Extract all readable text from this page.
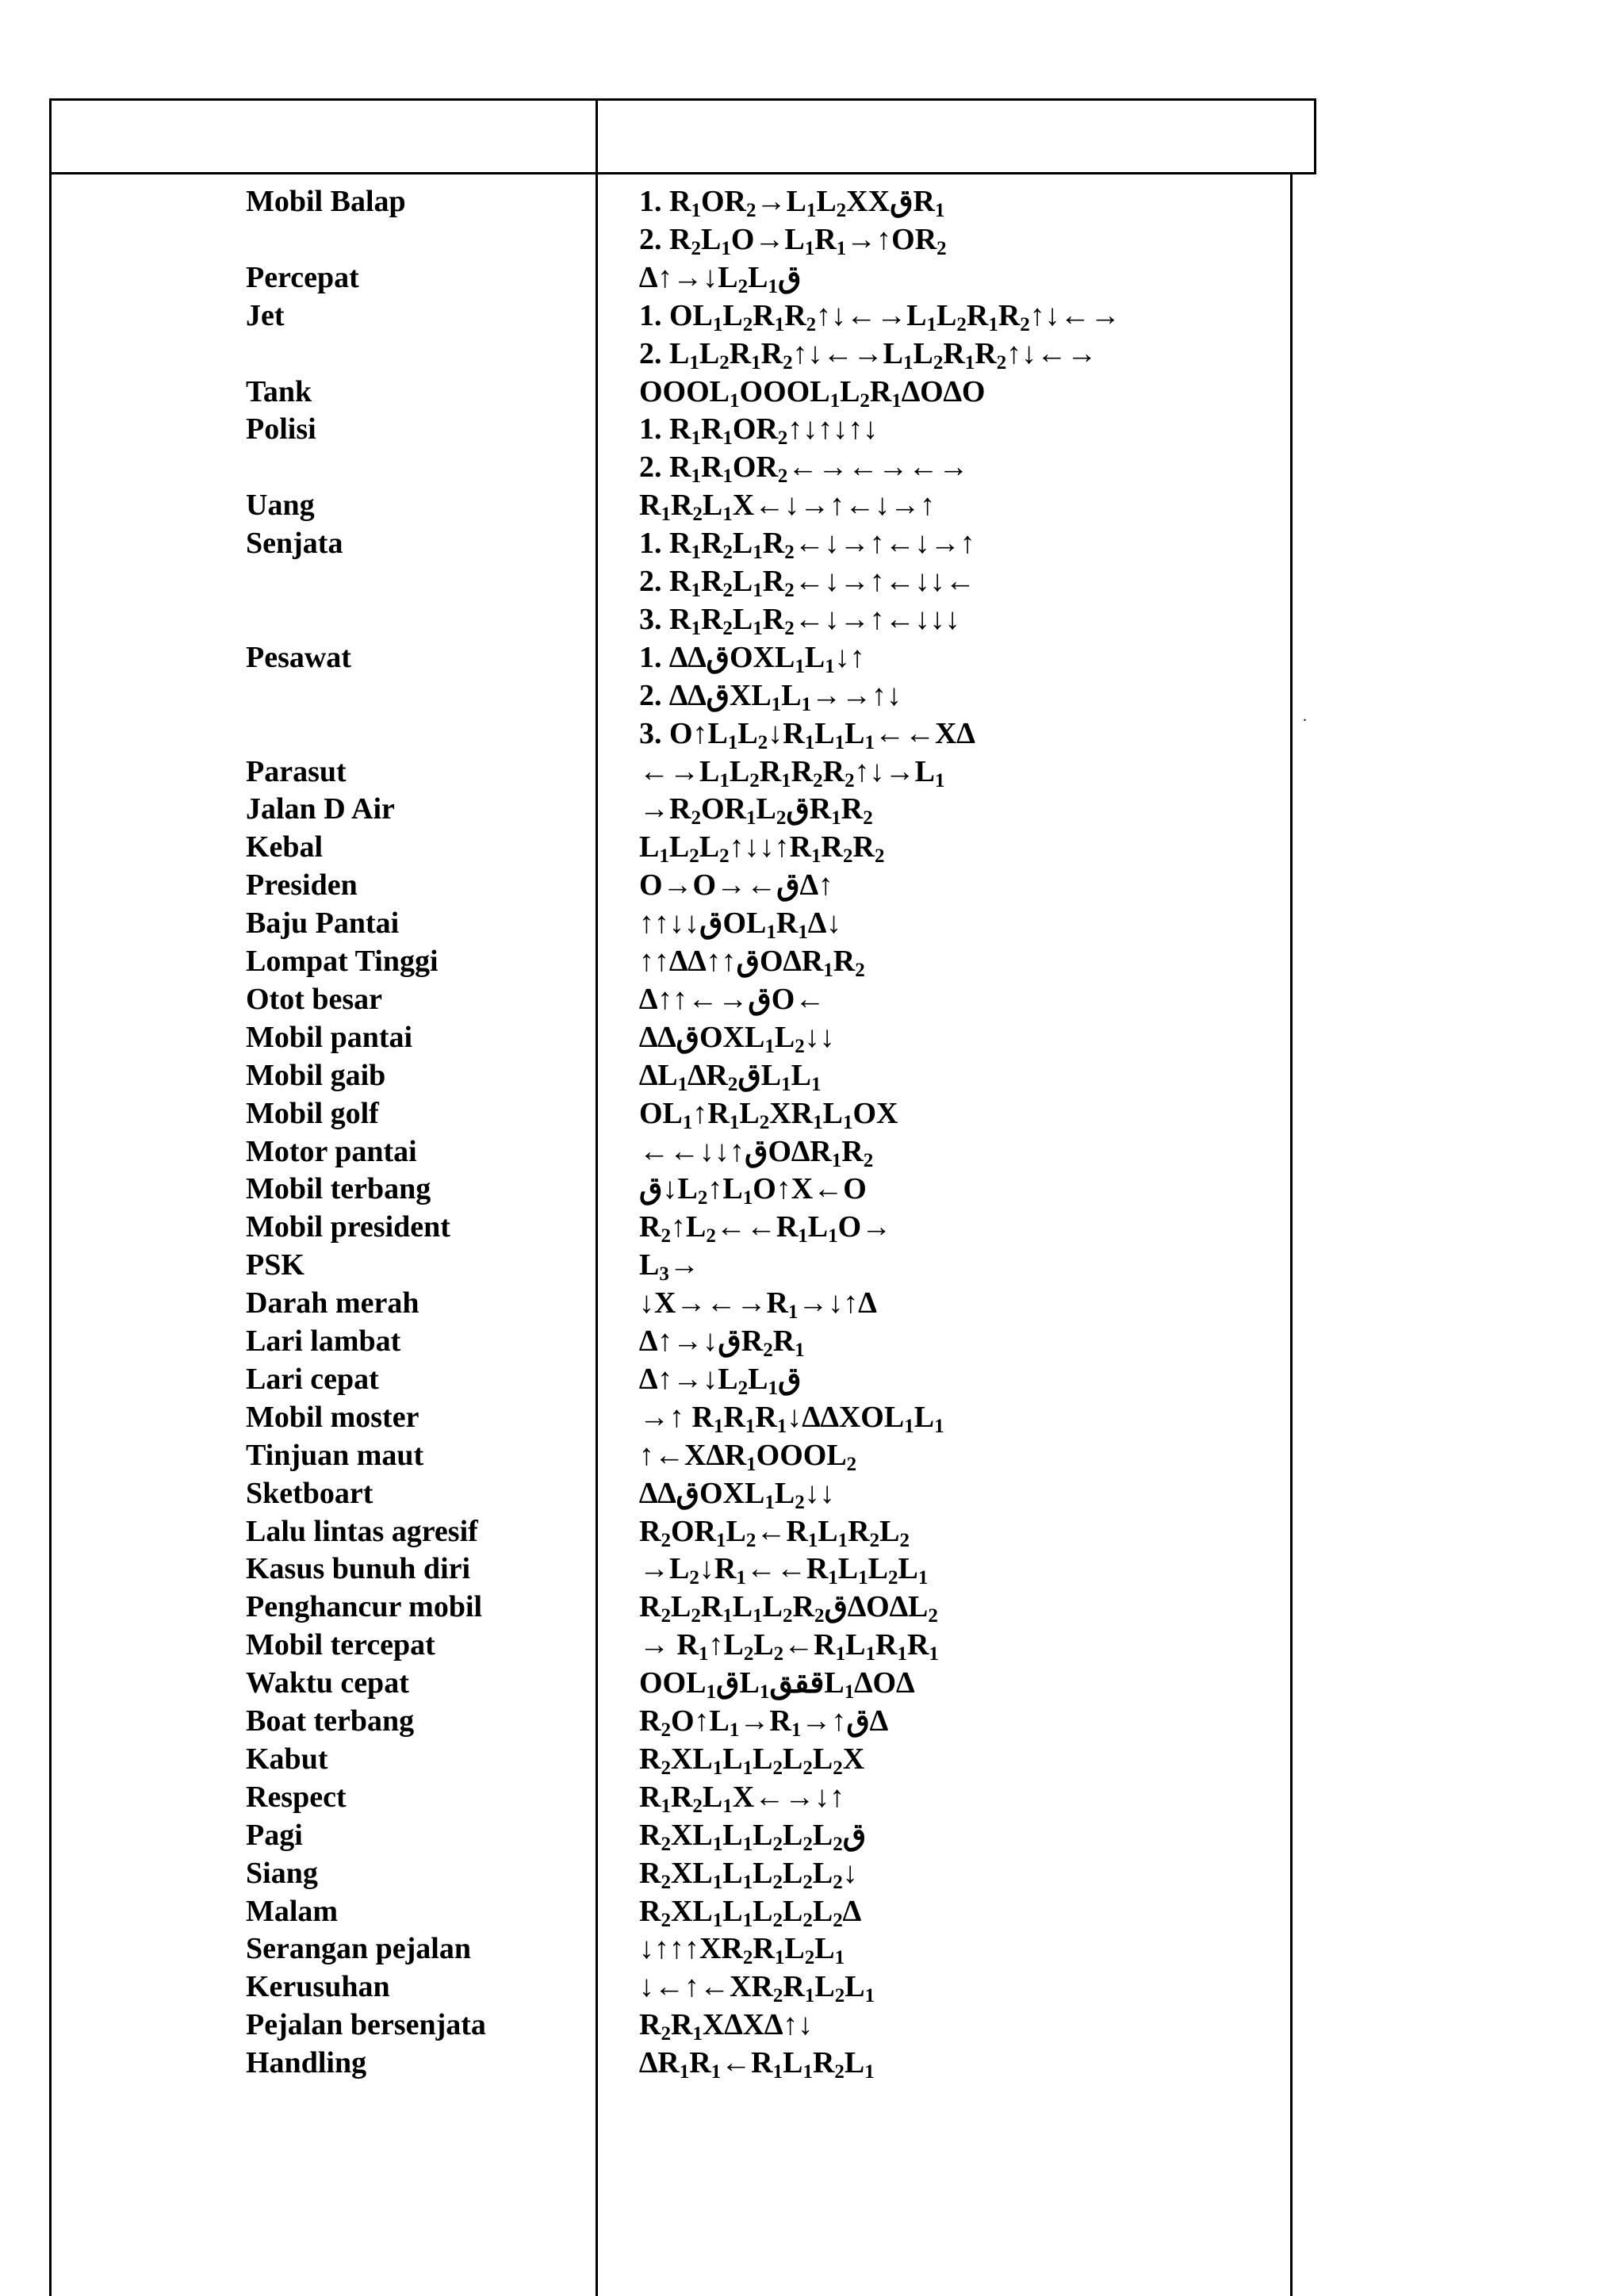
Mobil Balap	1. $R_1OR_2\to L_1L_2XXقR_1$
2. $R_2L_1O\to L_1R_1\to↑OR_2$
Percepat	$\Delta↑\to↓L_2L_1ق$
Jet	1. $OL_1L_2R_1R_2↑↓\leftarrow\to L_1L_2R_1R_2↑↓\leftarrow\to$
2. $L_1L_2R_1R_2↑↓\leftarrow\to L_1L_2R_1R_2↑↓\leftarrow\to$
Tank	$OOOL_1OOOL_1L_2R_1\Delta O\Delta O$
Polisi	1. $R_1R_1OR_2↑↓↑↓↑↓$
2. $R_1R_1OR_2\leftarrow\to\leftarrow\to\leftarrow\to$
Uang	$R_1R_2L_1X\leftarrow↓\to↑\leftarrow↓\to↑$
Senjata	1. $R_1R_2L_1R_2\leftarrow↓\to↑\leftarrow↓\to↑$
2. $R_1R_2L_1R_2\leftarrow↓\to↑\leftarrow↓↓\leftarrow$
3. $R_1R_2L_1R_2\leftarrow↓\to↑\leftarrow↓↓↓$
Pesawat	1. $\Delta\Delta قOXL_1L_1↓↑$
2. $\Delta\Delta قXL_1L_1\to\to↑↓$
3. $O↑L_1L_2↓R_1L_1L_1\leftarrow\leftarrow X\Delta$
Parasut	$\leftarrow\to L_1L_2R_1R_2R_2↑↓\to L_1$
Jalan D Air	$\to R_2OR_1L_2قR_1R_2$
Kebal	$L_1L_2L_2↑↓↓↑R_1R_2R_2$
Presiden	O→O→←ق∆↑
Baju Pantai	$↑↑↓↓قOL_1R_1\Delta↓$
Lompat Tinggi	$↑↑\Delta\Delta↑↑قO\Delta R_1R_2$
Otot besar	∆↑↑←→قO←
Mobil pantai	$\Delta\Delta قOXL_1L_2↓↓$
Mobil gaib	$\Delta L_1\Delta R_2قL_1L_1$
Mobil golf	$OL_1↑R_1L_2XR_1L_1OX$
Motor pantai	$\leftarrow\leftarrow↓↓↑قO\Delta R_1R_2$
Mobil terbang	$ق↓L_2↑L_1O↑X\leftarrow O$
Mobil president	$R_2↑L_2\leftarrow\leftarrow R_1L_1O\to$
PSK	$L_3\to$
Darah merah	$↓X\to\leftarrow\to R_1\to↓↑\Delta$
Lari lambat	$\Delta↑\to↓قR_2R_1$
Lari cepat	$\Delta↑\to↓L_2L_1ق$
Mobil moster	→↑ $R_1R_1R_1↓\Delta\Delta XOL_1L_1$
Tinjuan maut	$↑\leftarrow X\Delta R_1OOOL_2$
Sketboart	$\Delta\Delta قOXL_1L_2↓↓$
Lalu lintas agresif	$R_2OR_1L_2\leftarrow R_1L_1R_2L_2$
Kasus bunuh diri	$\to L_2↓R_1\leftarrow\leftarrow R_1L_1L_2L_1$
Penghancur mobil	$R_2L_2R_1L_1L_2R_2ق\Delta O\Delta L_2$
Mobil tercepat	→ $R_1↑L_2L_2\leftarrow R_1L_1R_1R_1$
Waktu cepat	$OOL_1قL_1قققL_1\Delta O\Delta$
Boat terbang	$R_2O↑L_1\to R_1\to↑ق\Delta$
Kabut	$R_2XL_1L_1L_2L_2L_2X$
Respect	$R_1R_2L_1X\leftarrow\to↓↑$
Pagi	$R_2XL_1L_1L_2L_2L_2ق$
Siang	$R_2XL_1L_1L_2L_2L_2↓$
Malam	$R_2XL_1L_1L_2L_2L_2\Delta$
Serangan pejalan	$↓↑↑↑XR_2R_1L_2L_1$
Kerusuhan	$↓\leftarrow↑\leftarrow XR_2R_1L_2L_1$
Pejalan bersenjata	$R_2R_1X\Delta X\Delta↑↓$
Handling	$\Delta R_1R_1\leftarrow R_1L_1R_2L_1$
.
